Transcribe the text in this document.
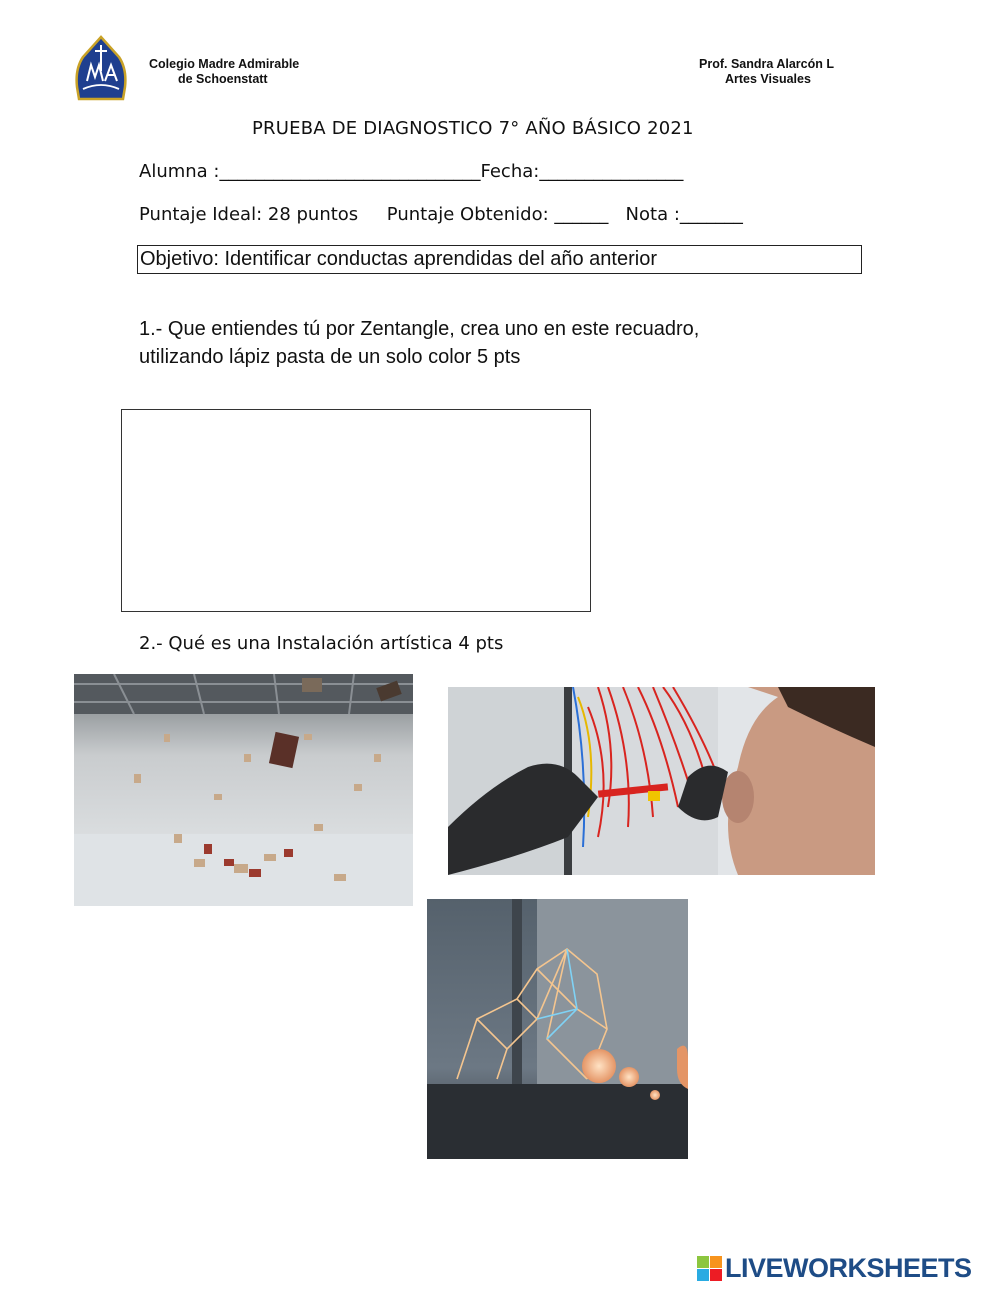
Colegio Madre Admirable
de Schoenstatt
Prof. Sandra Alarcón L
Artes Visuales
PRUEBA DE DIAGNOSTICO 7° AÑO BÁSICO 2021
Alumna :_____________________________Fecha:________________
Puntaje Ideal: 28 puntos     Puntaje Obtenido: ______   Nota :_______
Objetivo: Identificar conductas aprendidas del año anterior
1.- Que entiendes tú por Zentangle, crea uno en este recuadro,
utilizando lápiz pasta de un solo color 5 pts
2.- Qué es una Instalación artística 4 pts
LIVEWORKSHEETS
